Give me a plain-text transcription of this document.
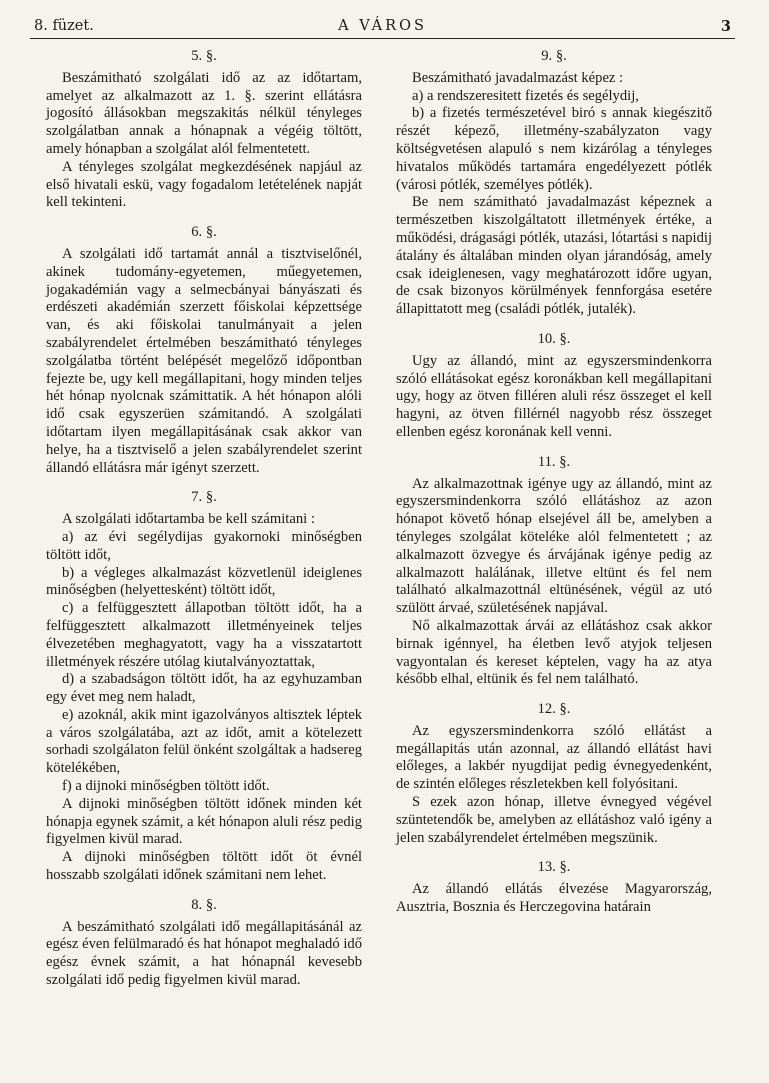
8. füzet.	A VÁROS	3
5. §.

Beszámitható szolgálati idő az az időtartam, amelyet az alkalmazott az 1. §. szerint ellátásra jogosító állásokban megszakitás nélkül tényleges szolgálatban annak a hónapnak a végéig töltött, amely hónapban a szolgálat alól felmentetett.

A tényleges szolgálat megkezdésének napjául az első hivatali eskü, vagy fogadalom letételének napját kell tekinteni.

6. §.

A szolgálati idő tartamát annál a tisztviselőnél, akinek tudomány-egyetemen, műegyetemen, jogakadémián vagy a selmecbányai bányászati és erdészeti akadémián szerzett főiskolai képzettsége van, és aki főiskolai tanulmányait a jelen szabályrendelet értelmében beszámitható tényleges szolgálatba történt belépését megelőző időpontban fejezte be, ugy kell megállapitani, hogy minden teljes hét hónap nyolcnak számittatik. A hét hónapon alóli idő csak egyszerüen számitandó. A szolgálati időtartam ilyen megállapitásának csak akkor van helye, ha a tisztviselő a jelen szabályrendelet szerint állandó ellátásra már igényt szerzett.

7. §.

A szolgálati időtartamba be kell számitani :

a) az évi segélydijas gyakornoki minőségben töltött időt,

b) a végleges alkalmazást közvetlenül ideiglenes minőségben (helyettesként) töltött időt,

c) a felfüggesztett állapotban töltött időt, ha a felfüggesztett alkalmazott illetményeinek teljes élvezetében meghagyatott, vagy ha a visszatartott illetmények részére utólag kiutalványoztattak,

d) a szabadságon töltött időt, ha az egyhuzamban egy évet meg nem haladt,

e) azoknál, akik mint igazolványos altisztek léptek a város szolgálatába, azt az időt, amit a kötelezett sorhadi szolgálaton felül önként szolgáltak a hadsereg kötelékében,

f) a dijnoki minőségben töltött időt.

A dijnoki minőségben töltött időnek minden két hónapja egynek számit, a két hónapon aluli rész pedig figyelmen kivül marad.

A dijnoki minőségben töltött időt öt évnél hosszabb szolgálati időnek számitani nem lehet.

8. §.

A beszámitható szolgálati idő megállapitásánál az egész éven felülmaradó és hat hónapot meghaladó idő egész évnek számit, a hat hónapnál kevesebb szolgálati idő pedig figyelmen kivül marad.

9. §.

Beszámitható javadalmazást képez :

a) a rendszeresitett fizetés és segélydij,

b) a fizetés természetével biró s annak kiegészitő részét képező, illetmény-szabályzaton vagy költségvetésen alapuló s nem kizárólag a tényleges hivatalos működés tartamára engedélyezett pótlék (városi pótlék, személyes pótlék).

Be nem számitható javadalmazást képeznek a természetben kiszolgáltatott illetmények értéke, a működési, drágasági pótlék, utazási, lótartási s napidij átalány és általában minden olyan járandóság, amely csak ideiglenesen, vagy meghatározott időre ugyan, de csak bizonyos körülmények fennforgása esetére állapittatott meg (családi pótlék, jutalék).

10. §.

Ugy az állandó, mint az egyszersmindenkorra szóló ellátásokat egész koronákban kell megállapitani ugy, hogy az ötven filléren aluli rész összeget el kell hagyni, az ötven fillérnél nagyobb rész összeget ellenben egész koronának kell venni.

11. §.

Az alkalmazottnak igénye ugy az állandó, mint az egyszersmindenkorra szóló ellátáshoz az azon hónapot követő hónap elsejével áll be, amelyben a tényleges szolgálat köteléke alól felmentetett ; az alkalmazott özvegye és árvájának igénye pedig az alkalmazott halálának, illetve eltünt és fel nem található alkalmazottnál eltünésének, végül az utó szülött árvaé, születésének napjával.

Nő alkalmazottak árvái az ellátáshoz csak akkor birnak igénnyel, ha életben levő atyjok teljesen vagyontalan és kereset képtelen, vagy ha az atya később elhal, eltünik és fel nem található.

12. §.

Az egyszersmindenkorra szóló ellátást a megállapitás után azonnal, az állandó ellátást havi előleges, a lakbér nyugdijat pedig évnegyedenként, de szintén előleges részletekben kell folyósitani.

S ezek azon hónap, illetve évnegyed végével szüntetendők be, amelyben az ellátáshoz való igény a jelen szabályrendelet értelmében megszünik.

13. §.

Az állandó ellátás élvezése Magyarország, Ausztria, Bosznia és Herczegovina határain
